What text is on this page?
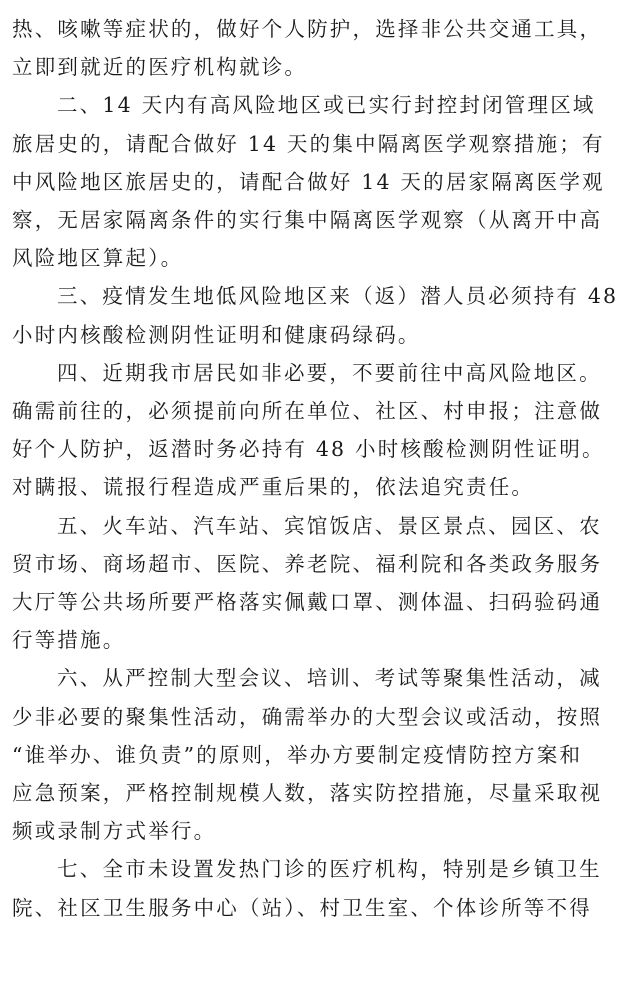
热、咳嗽等症状的，做好个人防护，选择非公共交通工具，
立即到就近的医疗机构就诊。
二、14 天内有高风险地区或已实行封控封闭管理区域
旅居史的，请配合做好 14 天的集中隔离医学观察措施；有
中风险地区旅居史的，请配合做好 14 天的居家隔离医学观
察，无居家隔离条件的实行集中隔离医学观察（从离开中高
风险地区算起）。
三、疫情发生地低风险地区来（返）潜人员必须持有 48
小时内核酸检测阴性证明和健康码绿码。
四、近期我市居民如非必要，不要前往中高风险地区。
确需前往的，必须提前向所在单位、社区、村申报；注意做
好个人防护，返潜时务必持有 48 小时核酸检测阴性证明。
对瞒报、谎报行程造成严重后果的，依法追究责任。
五、火车站、汽车站、宾馆饭店、景区景点、园区、农
贸市场、商场超市、医院、养老院、福利院和各类政务服务
大厅等公共场所要严格落实佩戴口罩、测体温、扫码验码通
行等措施。
六、从严控制大型会议、培训、考试等聚集性活动，减
少非必要的聚集性活动，确需举办的大型会议或活动，按照
“谁举办、谁负责”的原则，举办方要制定疫情防控方案和
应急预案，严格控制规模人数，落实防控措施，尽量采取视
频或录制方式举行。
七、全市未设置发热门诊的医疗机构，特别是乡镇卫生
院、社区卫生服务中心（站）、村卫生室、个体诊所等不得
